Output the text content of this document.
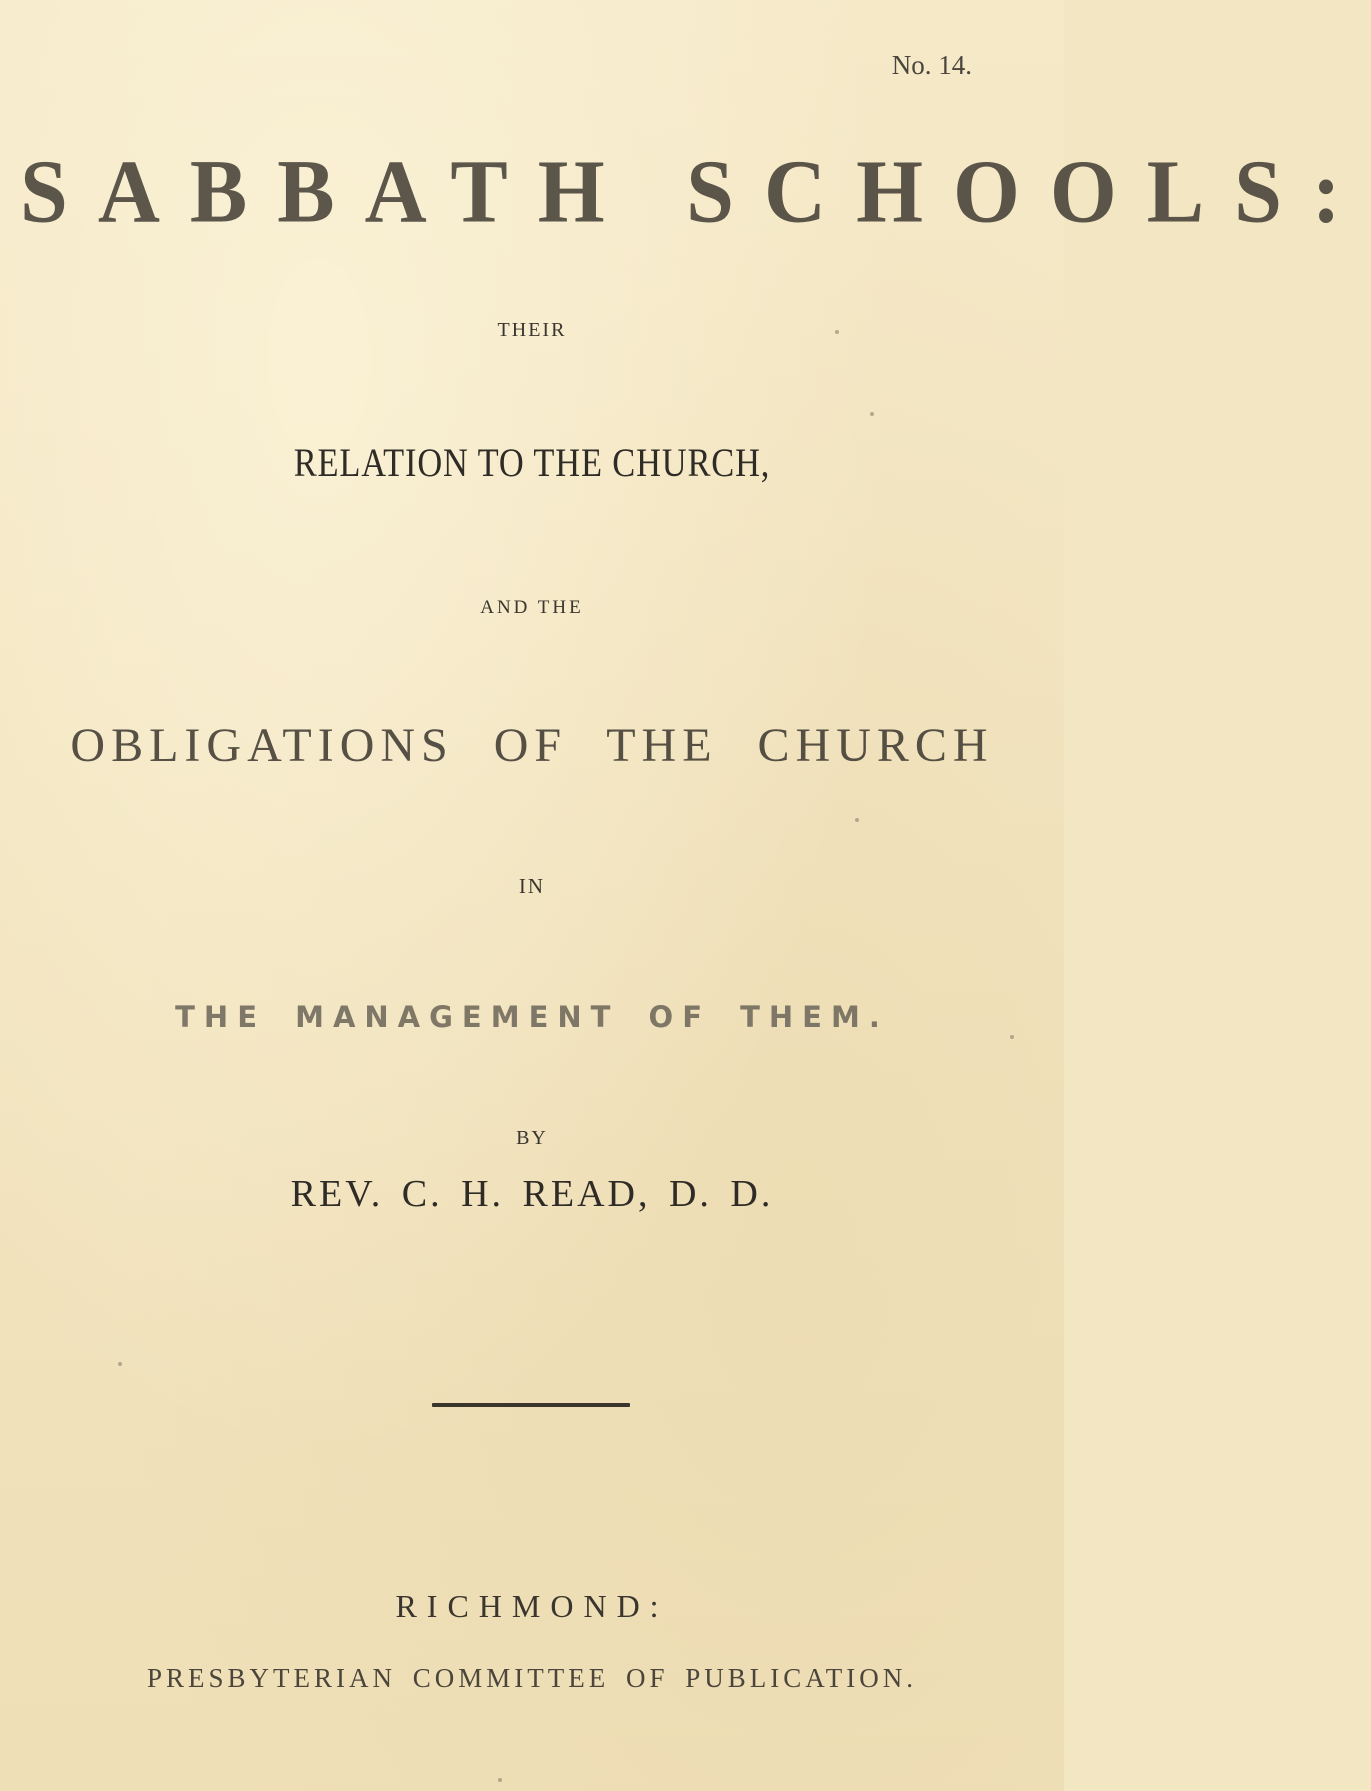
No. 14.

SABBATH SCHOOLS:

THEIR

RELATION TO THE CHURCH,

AND THE

OBLIGATIONS OF THE CHURCH

IN

THE MANAGEMENT OF THEM.

BY

REV. C. H. READ, D. D.

RICHMOND:

PRESBYTERIAN COMMITTEE OF PUBLICATION.
